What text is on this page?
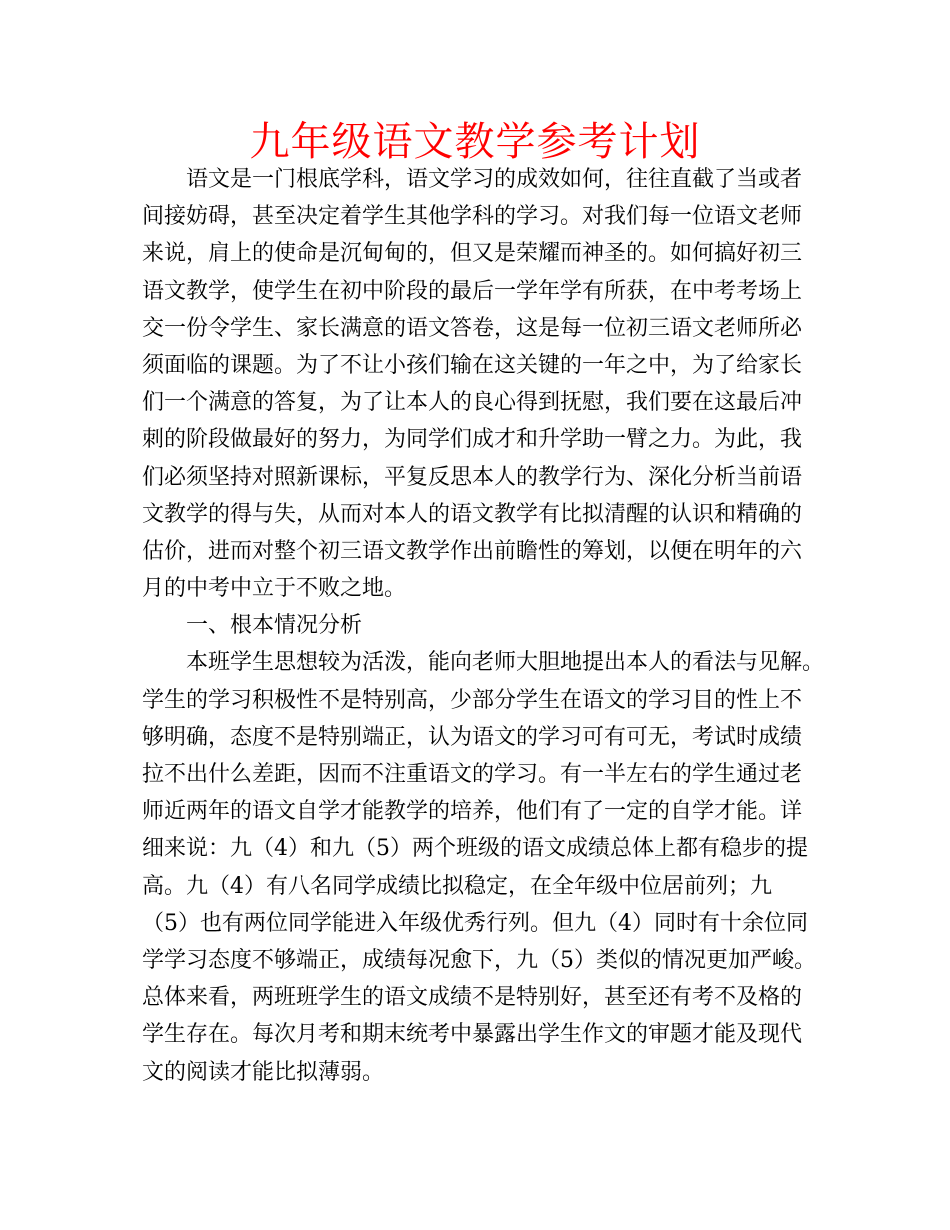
九年级语文教学参考计划
语文是一门根底学科，语文学习的成效如何，往往直截了当或者
间接妨碍，甚至决定着学生其他学科的学习。对我们每一位语文老师
来说，肩上的使命是沉甸甸的，但又是荣耀而神圣的。如何搞好初三
语文教学，使学生在初中阶段的最后一学年学有所获，在中考考场上
交一份令学生、家长满意的语文答卷，这是每一位初三语文老师所必
须面临的课题。为了不让小孩们输在这关键的一年之中，为了给家长
们一个满意的答复，为了让本人的良心得到抚慰，我们要在这最后冲
刺的阶段做最好的努力，为同学们成才和升学助一臂之力。为此，我
们必须坚持对照新课标，平复反思本人的教学行为、深化分析当前语
文教学的得与失，从而对本人的语文教学有比拟清醒的认识和精确的
估价，进而对整个初三语文教学作出前瞻性的筹划，以便在明年的六
月的中考中立于不败之地。
一、根本情况分析
本班学生思想较为活泼，能向老师大胆地提出本人的看法与见解。
学生的学习积极性不是特别高，少部分学生在语文的学习目的性上不
够明确，态度不是特别端正，认为语文的学习可有可无，考试时成绩
拉不出什么差距，因而不注重语文的学习。有一半左右的学生通过老
师近两年的语文自学才能教学的培养，他们有了一定的自学才能。详
细来说：九（4）和九（5）两个班级的语文成绩总体上都有稳步的提
高。九（4）有八名同学成绩比拟稳定，在全年级中位居前列；九
（5）也有两位同学能进入年级优秀行列。但九（4）同时有十余位同
学学习态度不够端正，成绩每况愈下，九（5）类似的情况更加严峻。
总体来看，两班班学生的语文成绩不是特别好，甚至还有考不及格的
学生存在。每次月考和期末统考中暴露出学生作文的审题才能及现代
文的阅读才能比拟薄弱。
